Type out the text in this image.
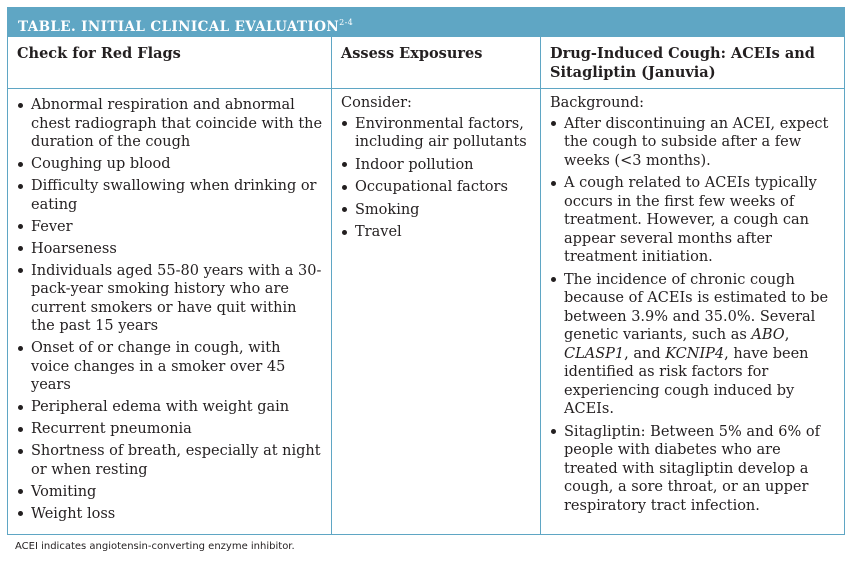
TABLE. INITIAL CLINICAL EVALUATION$^{2-4}$
Check for Red Flags	Assess Exposures	Drug-Induced Cough: ACEIs and Sitagliptin (Januvia)
Abnormal respiration and abnormal chest radiograph that coincide with the duration of the cough
Coughing up blood
Difficulty swallowing when drinking or eating
Fever
Hoarseness
Individuals aged 55-80 years with a 30-pack-year smoking history who are current smokers or have quit within the past 15 years
Onset of or change in cough, with voice changes in a smoker over 45 years
Peripheral edema with weight gain
Recurrent pneumonia
Shortness of breath, especially at night or when resting
Vomiting
Weight loss
Consider:
Environmental factors, including air pollutants
Indoor pollution
Occupational factors
Smoking
Travel
Background:
After discontinuing an ACEI, expect the cough to subside after a few weeks (<3 months).
A cough related to ACEIs typically occurs in the first few weeks of treatment. However, a cough can appear several months after treatment initiation.
The incidence of chronic cough because of ACEIs is estimated to be between 3.9% and 35.0%. Several genetic variants, such as ABO, CLASP1, and KCNIP4, have been identified as risk factors for experiencing cough induced by ACEIs.
Sitagliptin: Between 5% and 6% of people with diabetes who are treated with sitagliptin develop a cough, a sore throat, or an upper respiratory tract infection.
ACEI indicates angiotensin-converting enzyme inhibitor.
